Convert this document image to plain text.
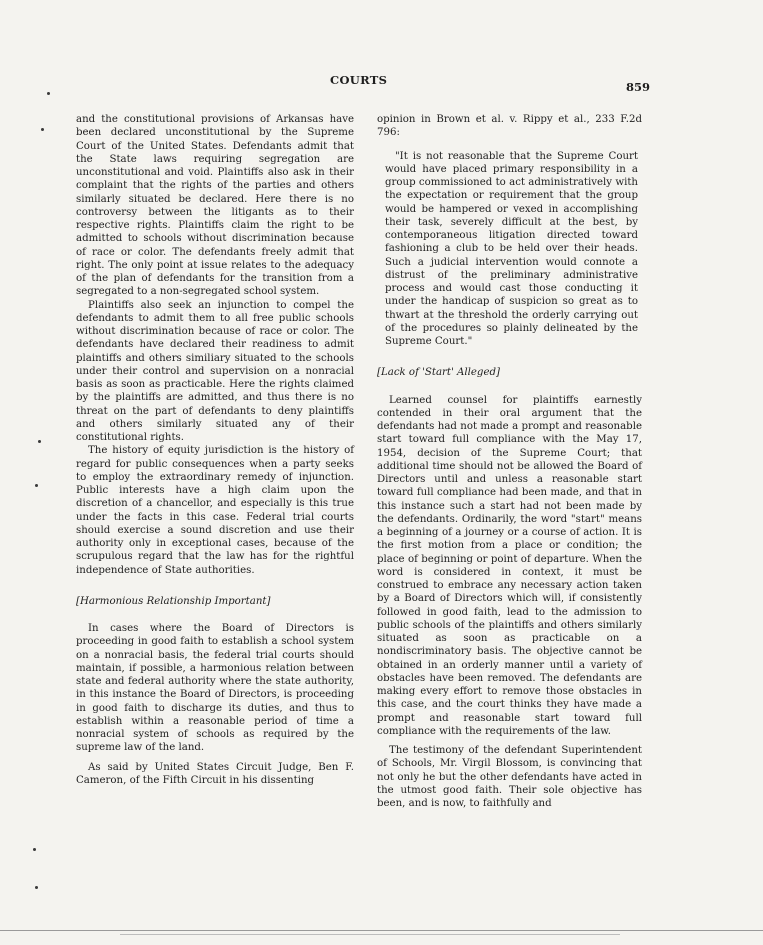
COURTS	859

and the constitutional provisions of Arkansas have been declared unconstitutional by the Supreme Court of the United States. Defendants admit that the State laws requiring segregation are unconstitutional and void. Plaintiffs also ask in their complaint that the rights of the parties and others similarly situated be declared. Here there is no controversy between the litigants as to their respective rights. Plaintiffs claim the right to be admitted to schools without discrimination because of race or color. The defendants freely admit that right. The only point at issue relates to the adequacy of the plan of defendants for the transition from a segregated to a non-segregated school system.

Plaintiffs also seek an injunction to compel the defendants to admit them to all free public schools without discrimination because of race or color. The defendants have declared their readiness to admit plaintiffs and others similiary situated to the schools under their control and supervision on a nonracial basis as soon as practicable. Here the rights claimed by the plaintiffs are admitted, and thus there is no threat on the part of defendants to deny plaintiffs and others similarly situated any of their constitutional rights.

The history of equity jurisdiction is the history of regard for public consequences when a party seeks to employ the extraordinary remedy of injunction. Public interests have a high claim upon the discretion of a chancellor, and especially is this true under the facts in this case. Federal trial courts should exercise a sound discretion and use their authority only in exceptional cases, because of the scrupulous regard that the law has for the rightful independence of State authorities.

[Harmonious Relationship Important]

In cases where the Board of Directors is proceeding in good faith to establish a school system on a nonracial basis, the federal trial courts should maintain, if possible, a harmonious relation between state and federal authority where the state authority, in this instance the Board of Directors, is proceeding in good faith to discharge its duties, and thus to establish within a reasonable period of time a nonracial system of schools as required by the supreme law of the land.

As said by United States Circuit Judge, Ben F. Cameron, of the Fifth Circuit in his dissenting

opinion in Brown et al. v. Rippy et al., 233 F.2d 796:

"It is not reasonable that the Supreme Court would have placed primary responsibility in a group commissioned to act administratively with the expectation or requirement that the group would be hampered or vexed in accomplishing their task, severely difficult at the best, by contemporaneous litigation directed toward fashioning a club to be held over their heads. Such a judicial intervention would connote a distrust of the preliminary administrative process and would cast those conducting it under the handicap of suspicion so great as to thwart at the threshold the orderly carrying out of the procedures so plainly delineated by the Supreme Court."

[Lack of 'Start' Alleged]

Learned counsel for plaintiffs earnestly contended in their oral argument that the defendants had not made a prompt and reasonable start toward full compliance with the May 17, 1954, decision of the Supreme Court; that additional time should not be allowed the Board of Directors until and unless a reasonable start toward full compliance had been made, and that in this instance such a start had not been made by the defendants. Ordinarily, the word "start" means a beginning of a journey or a course of action. It is the first motion from a place or condition; the place of beginning or point of departure. When the word is considered in context, it must be construed to embrace any necessary action taken by a Board of Directors which will, if consistently followed in good faith, lead to the admission to public schools of the plaintiffs and others similarly situated as soon as practicable on a nondiscriminatory basis. The objective cannot be obtained in an orderly manner until a variety of obstacles have been removed. The defendants are making every effort to remove those obstacles in this case, and the court thinks they have made a prompt and reasonable start toward full compliance with the requirements of the law.

The testimony of the defendant Superintendent of Schools, Mr. Virgil Blossom, is convincing that not only he but the other defendants have acted in the utmost good faith. Their sole objective has been, and is now, to faithfully and
